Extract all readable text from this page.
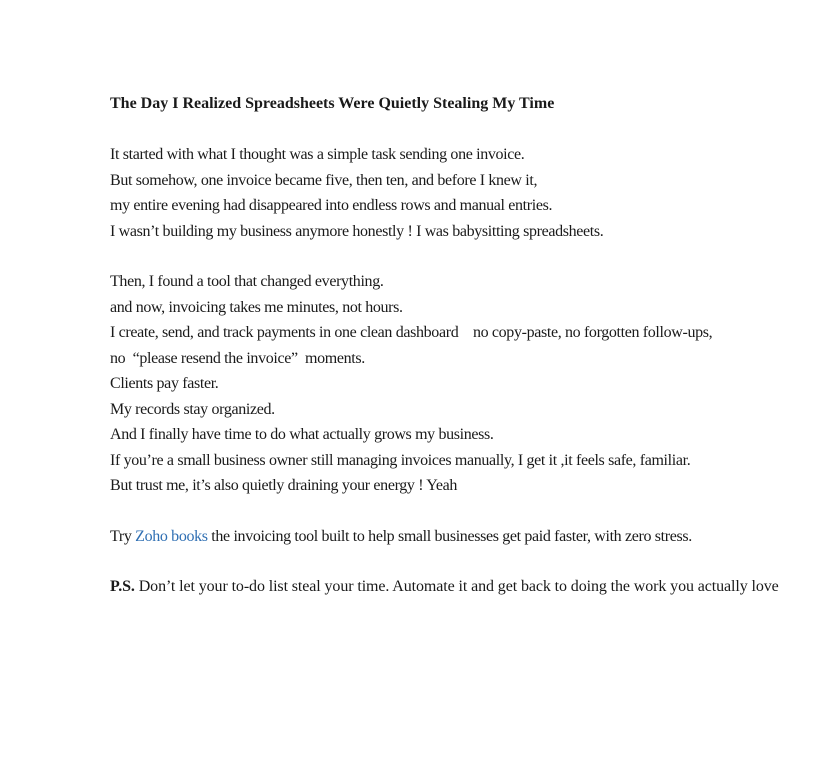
The Day I Realized Spreadsheets Were Quietly Stealing My Time
It started with what I thought was a simple task sending one invoice.
But somehow, one invoice became five, then ten, and before I knew it,
my entire evening had disappeared into endless rows and manual entries.
I wasn’t building my business anymore honestly ! I was babysitting spreadsheets.
Then, I found a tool that changed everything.
and now, invoicing takes me minutes, not hours.
I create, send, and track payments in one clean dashboard    no copy-paste, no forgotten follow-ups,
no  “please resend the invoice”  moments.
Clients pay faster.
My records stay organized.
And I finally have time to do what actually grows my business.
If you’re a small business owner still managing invoices manually, I get it ,it feels safe, familiar.
But trust me, it’s also quietly draining your energy ! Yeah
Try Zoho books the invoicing tool built to help small businesses get paid faster, with zero stress.
P.S. Don’t let your to-do list steal your time. Automate it and get back to doing the work you actually love
